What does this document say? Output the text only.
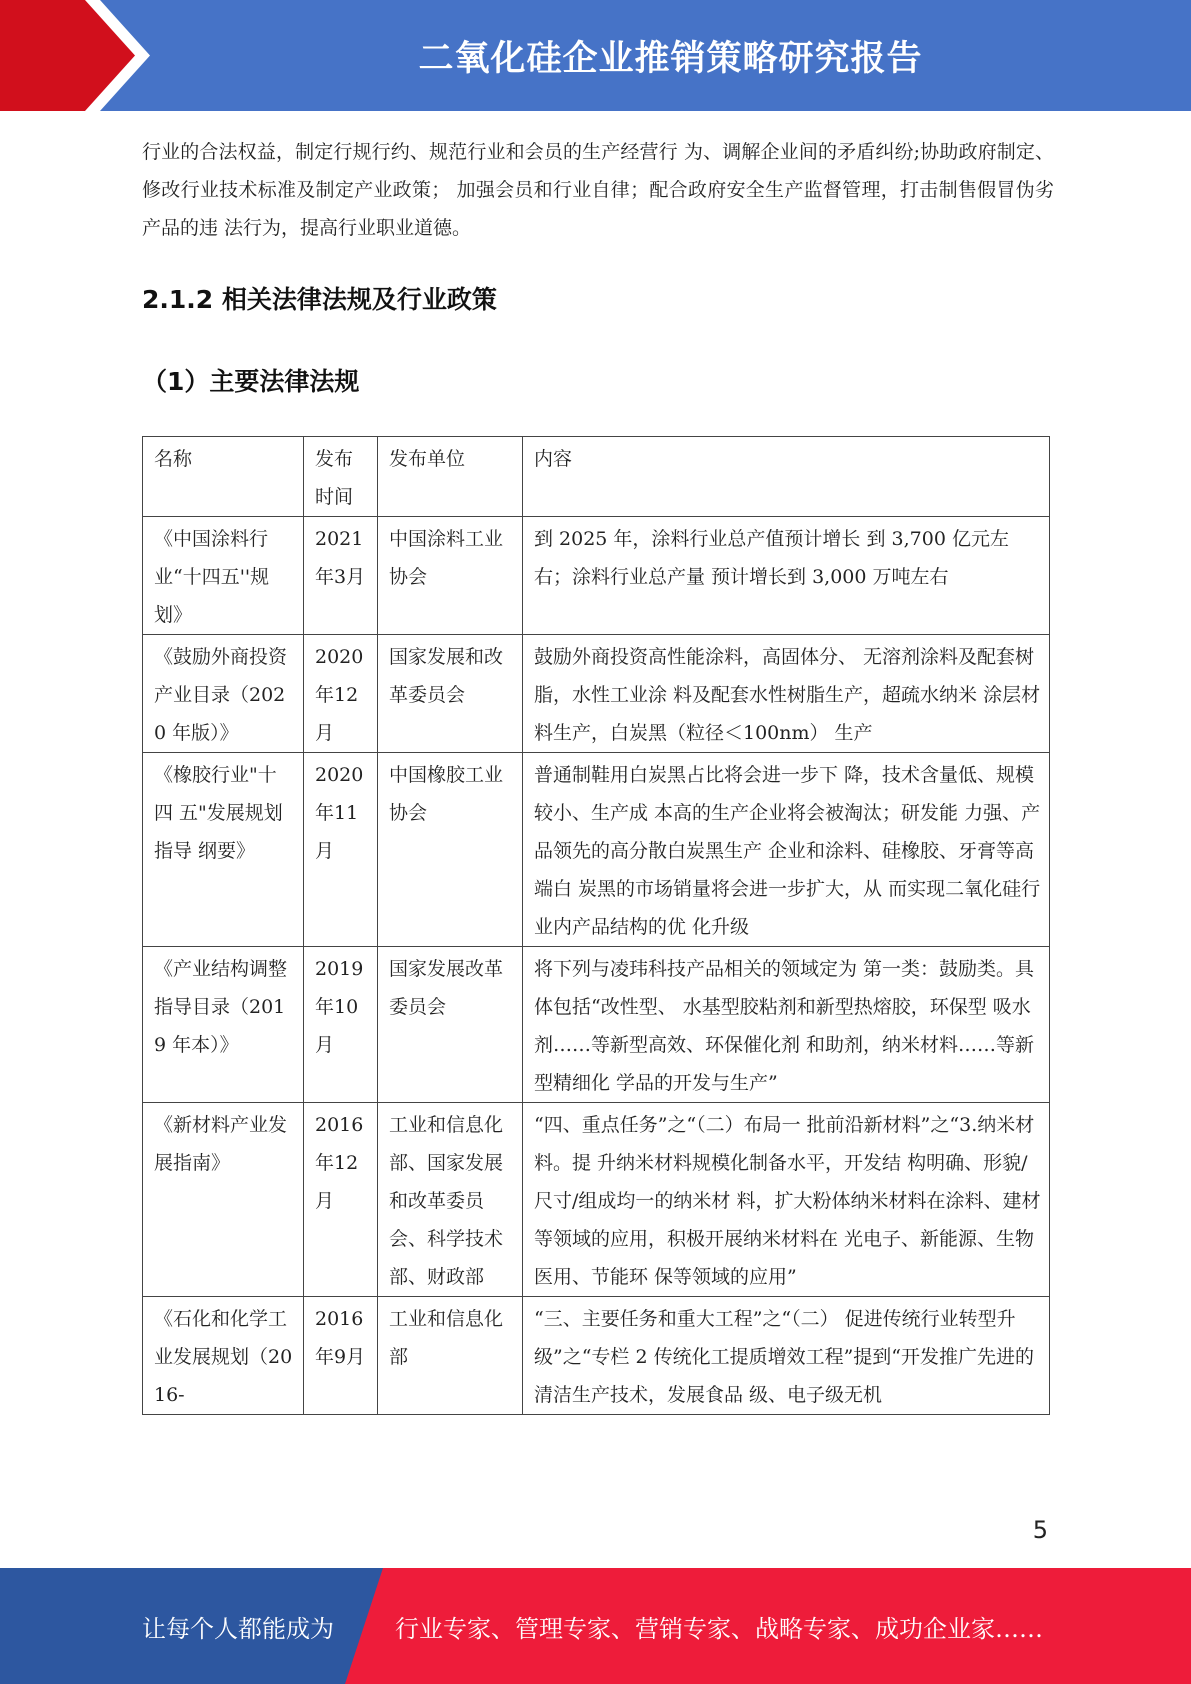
二氧化硅企业推销策略研究报告

行业的合法权益，制定行规行约、规范行业和会员的生产经营行 为、调解企业间的矛盾纠纷;协助政府制定、修改行业技术标准及制定产业政策； 加强会员和行业自律；配合政府安全生产监督管理，打击制售假冒伪劣产品的违 法行为，提高行业职业道德。

2.1.2 相关法律法规及行业政策
（1）主要法律法规
名称	发布时间	发布单位	内容
《中国涂料行业“十四五''规划》	2021年3月	中国涂料工业 协会	到 2025 年，涂料行业总产值预计增长 到 3,700 亿元左右；涂料行业总产量 预计增长到 3,000 万吨左右
《鼓励外商投资 产业目录（2020 年版）》	2020年12月	国家发展和改 革委员会	鼓励外商投资高性能涂料，高固体分、 无溶剂涂料及配套树脂，水性工业涂 料及配套水性树脂生产，超疏水纳米 涂层材料生产，白炭黑（粒径＜100nm） 生产
《橡胶行业"十四 五"发展规划指导 纲要》	2020年11月	中国橡胶工业 协会	普通制鞋用白炭黑占比将会进一步下 降，技术含量低、规模较小、生产成 本高的生产企业将会被淘汰；研发能 力强、产品领先的高分散白炭黑生产 企业和涂料、硅橡胶、牙膏等高端白 炭黑的市场销量将会进一步扩大，从 而实现二氧化硅行业内产品结构的优 化升级
《产业结构调整 指导目录（2019 年本）》	2019年10月	国家发展改革 委员会	将下列与凌玮科技产品相关的领域定为 第一类：鼓励类。具体包括“改性型、 水基型胶粘剂和新型热熔胶，环保型 吸水剂……等新型高效、环保催化剂 和助剂，纳米材料……等新型精细化 学品的开发与生产”
《新材料产业发 展指南》	2016年12月	工业和信息化 部、国家发展 和改革委员 会、科学技术 部、财政部	“四、重点任务”之“（二）布局一 批前沿新材料”之“3.纳米材料。提 升纳米材料规模化制备水平，开发结 构明确、形貌/尺寸/组成均一的纳米材 料，扩大粉体纳米材料在涂料、建材 等领域的应用，积极开展纳米材料在 光电子、新能源、生物医用、节能环 保等领域的应用”
《石化和化学工 业发展规划（2016-	2016年9月	工业和信息化 部	“三、主要任务和重大工程”之“（二） 促进传统行业转型升级”之“专栏 2 传统化工提质增效工程”提到“开发推广先进的清洁生产技术，发展食品 级、电子级无机
5
让每个人都能成为	行业专家、管理专家、营销专家、战略专家、成功企业家……
